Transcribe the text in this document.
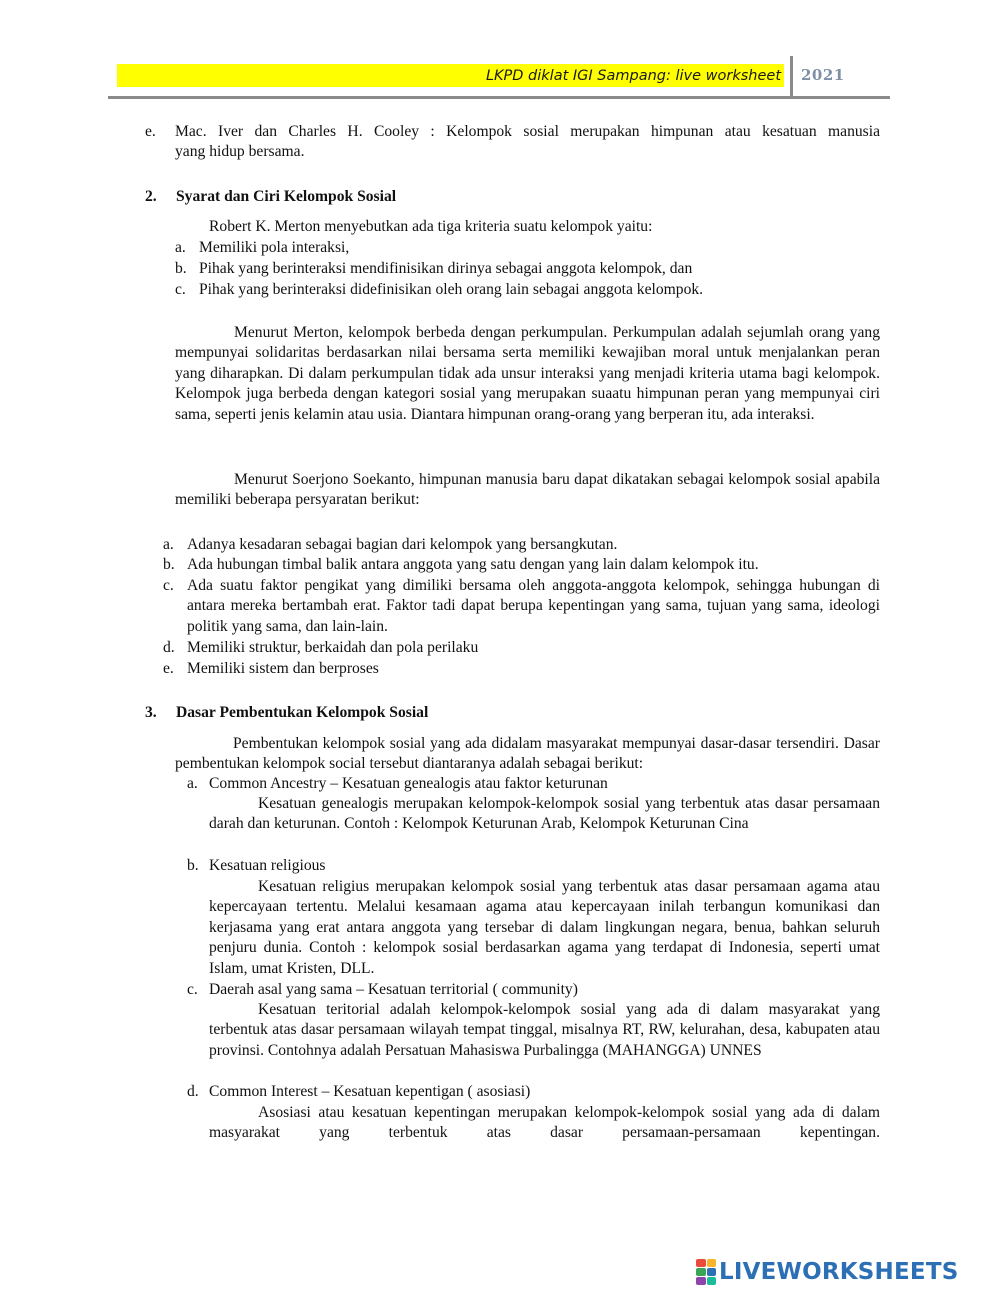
LKPD diklat IGI Sampang: live worksheet 2021
e. Mac. Iver dan Charles H. Cooley : Kelompok sosial merupakan himpunan atau kesatuan manusia

yang hidup bersama.

2. Syarat dan Ciri Kelompok Sosial
Robert K. Merton menyebutkan ada tiga kriteria suatu kelompok yaitu:
a. Memiliki pola interaksi,
b. Pihak yang berinteraksi mendifinisikan dirinya sebagai anggota kelompok, dan
c. Pihak yang berinteraksi didefinisikan oleh orang lain sebagai anggota kelompok.
Menurut Merton, kelompok berbeda dengan perkumpulan. Perkumpulan adalah sejumlah orang yang mempunyai solidaritas berdasarkan nilai bersama serta memiliki kewajiban moral untuk menjalankan peran yang diharapkan. Di dalam perkumpulan tidak ada unsur interaksi yang menjadi kriteria utama bagi kelompok. Kelompok juga berbeda dengan kategori sosial yang merupakan suaatu himpunan peran yang mempunyai ciri sama, seperti jenis kelamin atau usia. Diantara himpunan orang-orang yang berperan itu, ada interaksi.
Menurut Soerjono Soekanto, himpunan manusia baru dapat dikatakan sebagai kelompok sosial apabila memiliki beberapa persyaratan berikut:
a. Adanya kesadaran sebagai bagian dari kelompok yang bersangkutan.
b. Ada hubungan timbal balik antara anggota yang satu dengan yang lain dalam kelompok itu.
c. Ada suatu faktor pengikat yang dimiliki bersama oleh anggota-anggota kelompok, sehingga hubungan di antara mereka bertambah erat. Faktor tadi dapat berupa kepentingan yang sama, tujuan yang sama, ideologi politik yang sama, dan lain-lain.
d. Memiliki struktur, berkaidah dan pola perilaku
e. Memiliki sistem dan berproses
3. Dasar Pembentukan Kelompok Sosial
Pembentukan kelompok sosial yang ada didalam masyarakat mempunyai dasar-dasar tersendiri. Dasar pembentukan kelompok social tersebut diantaranya adalah sebagai berikut:
a. Common Ancestry – Kesatuan genealogis atau faktor keturunan
Kesatuan genealogis merupakan kelompok-kelompok sosial yang terbentuk atas dasar persamaan darah dan keturunan. Contoh : Kelompok Keturunan Arab, Kelompok Keturunan Cina
b. Kesatuan religious
Kesatuan religius merupakan kelompok sosial yang terbentuk atas dasar persamaan agama atau kepercayaan tertentu. Melalui kesamaan agama atau kepercayaan inilah terbangun komunikasi dan kerjasama yang erat antara anggota yang tersebar di dalam lingkungan negara, benua, bahkan seluruh penjuru dunia. Contoh : kelompok sosial berdasarkan agama yang terdapat di Indonesia, seperti umat Islam, umat Kristen, DLL.
c. Daerah asal yang sama – Kesatuan territorial ( community)
Kesatuan teritorial adalah kelompok-kelompok sosial yang ada di dalam masyarakat yang terbentuk atas dasar persamaan wilayah tempat tinggal, misalnya RT, RW, kelurahan, desa, kabupaten atau provinsi. Contohnya adalah Persatuan Mahasiswa Purbalingga (MAHANGGA) UNNES
d. Common Interest – Kesatuan kepentigan ( asosiasi)
Asosiasi atau kesatuan kepentingan merupakan kelompok-kelompok sosial yang ada di dalam masyarakat yang terbentuk atas dasar persamaan-persamaan kepentingan.
LIVEWORKSHEETS
